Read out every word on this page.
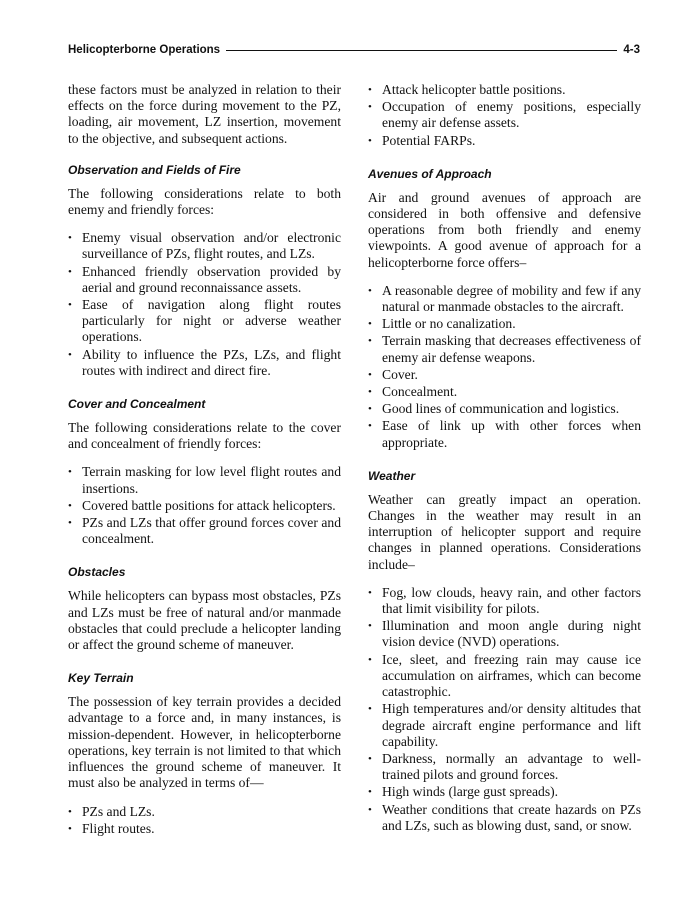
Helicopterborne Operations	4-3

these factors must be analyzed in relation to their effects on the force during movement to the PZ, loading, air movement, LZ insertion, movement to the objective, and subsequent actions.

Observation and Fields of Fire

The following considerations relate to both enemy and friendly forces:

• Enemy visual observation and/or electronic surveillance of PZs, flight routes, and LZs.
• Enhanced friendly observation provided by aerial and ground reconnaissance assets.
• Ease of navigation along flight routes particularly for night or adverse weather operations.
• Ability to influence the PZs, LZs, and flight routes with indirect and direct fire.
Cover and Concealment

The following considerations relate to the cover and concealment of friendly forces:

• Terrain masking for low level flight routes and insertions.
• Covered battle positions for attack helicopters.
• PZs and LZs that offer ground forces cover and concealment.
Obstacles

While helicopters can bypass most obstacles, PZs and LZs must be free of natural and/or manmade obstacles that could preclude a helicopter landing or affect the ground scheme of maneuver.

Key Terrain

The possession of key terrain provides a decided advantage to a force and, in many instances, is mission-dependent. However, in helicopterborne operations, key terrain is not limited to that which influences the ground scheme of maneuver. It must also be analyzed in terms of—

• PZs and LZs.
• Flight routes.
• Attack helicopter battle positions.
• Occupation of enemy positions, especially enemy air defense assets.
• Potential FARPs.
Avenues of Approach

Air and ground avenues of approach are considered in both offensive and defensive operations from both friendly and enemy viewpoints. A good avenue of approach for a helicopterborne force offers–

• A reasonable degree of mobility and few if any natural or manmade obstacles to the aircraft.
• Little or no canalization.
• Terrain masking that decreases effectiveness of enemy air defense weapons.
• Cover.
• Concealment.
• Good lines of communication and logistics.
• Ease of link up with other forces when appropriate.
Weather

Weather can greatly impact an operation. Changes in the weather may result in an interruption of helicopter support and require changes in planned operations. Considerations include–

• Fog, low clouds, heavy rain, and other factors that limit visibility for pilots.
• Illumination and moon angle during night vision device (NVD) operations.
• Ice, sleet, and freezing rain may cause ice accumulation on airframes, which can become catastrophic.
• High temperatures and/or density altitudes that degrade aircraft engine performance and lift capability.
• Darkness, normally an advantage to well-trained pilots and ground forces.
• High winds (large gust spreads).
• Weather conditions that create hazards on PZs and LZs, such as blowing dust, sand, or snow.
